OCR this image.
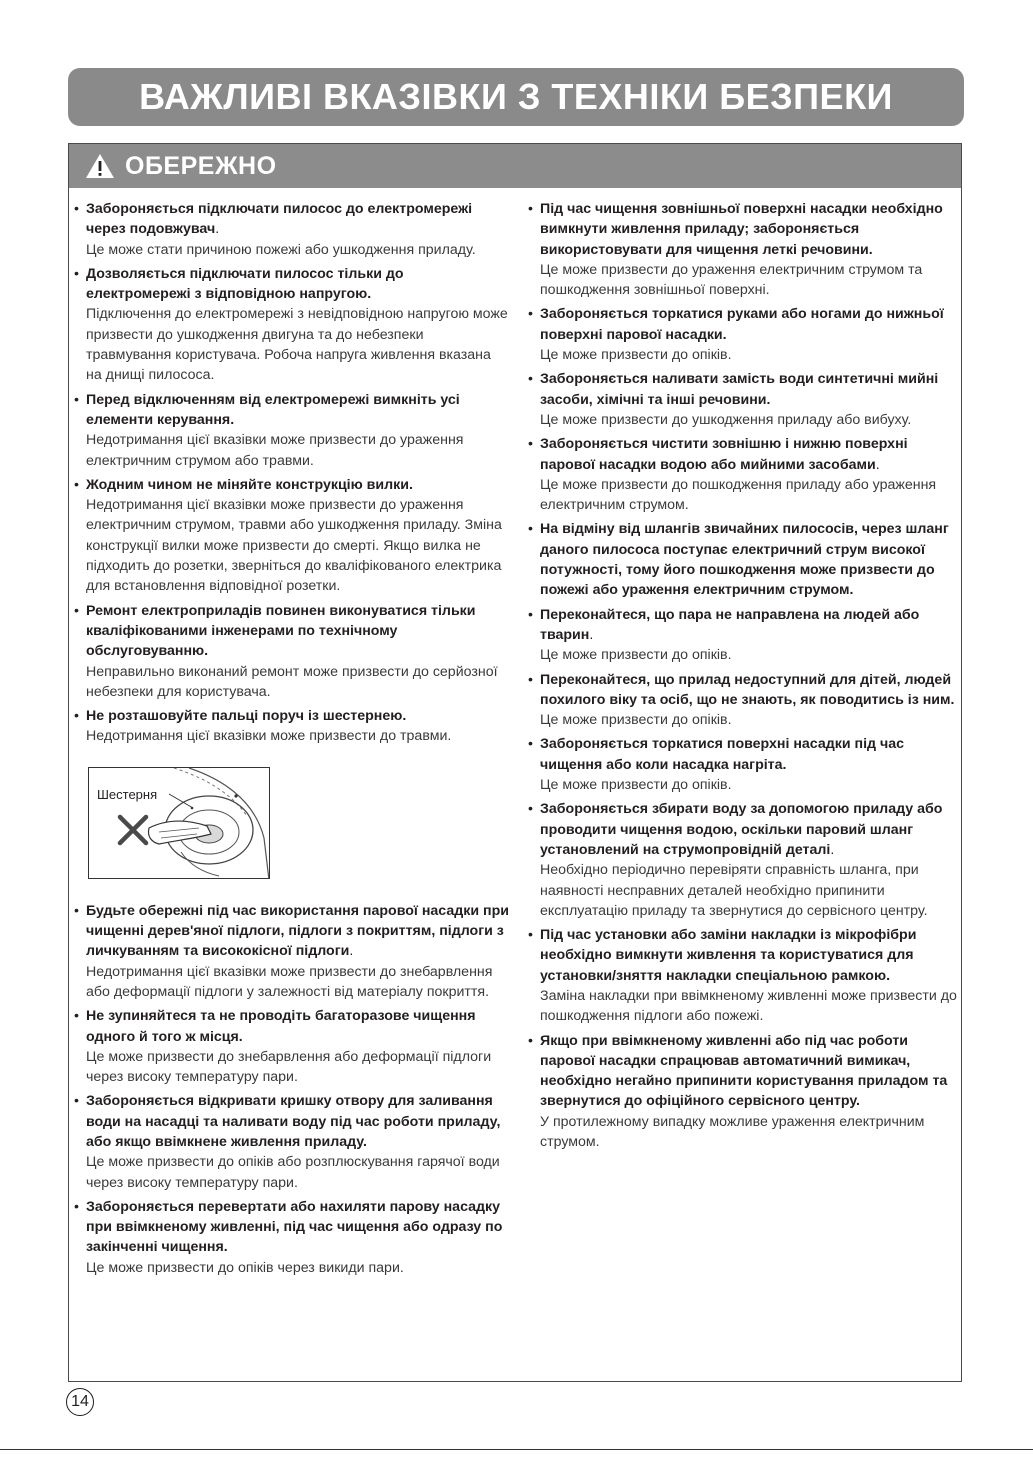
ВАЖЛИВІ ВКАЗІВКИ З ТЕХНІКИ БЕЗПЕКИ
ОБЕРЕЖНО
• Забороняється підключати пилосос до електромережі через подовжувач.
Це може стати причиною пожежі або ушкодження приладу.
• Дозволяється підключати пилосос тільки до електромережі з відповідною напругою.
Підключення до електромережі з невідповідною напругою може призвести до ушкодження двигуна та до небезпеки травмування користувача. Робоча напруга живлення вказана на днищі пилососа.
• Перед відключенням від електромережі вимкніть усі елементи керування.
Недотримання цієї вказівки може призвести до ураження електричним струмом або травми.
• Жодним чином не міняйте конструкцію вилки.
Недотримання цієї вказівки може призвести до ураження електричним струмом, травми або ушкодження приладу. Зміна конструкції вилки може призвести до смерті. Якщо вилка не підходить до розетки, зверніться до кваліфікованого електрика для встановлення відповідної розетки.
• Ремонт електроприладів повинен виконуватися тільки кваліфікованими інженерами по технічному обслуговуванню.
Неправильно виконаний ремонт може призвести до серйозної небезпеки для користувача.
• Не розташовуйте пальці поруч із шестернею.
Недотримання цієї вказівки може призвести до травми.
Шестерня
• Будьте обережні під час використання парової насадки при чищенні дерев'яної підлоги, підлоги з покриттям, підлоги з личкуванням та висококісної підлоги.
Недотримання цієї вказівки може призвести до знебарвлення або деформації підлоги у залежності від матеріалу покриття.
• Не зупиняйтеся та не проводіть багаторазове чищення одного й того ж місця.
Це може призвести до знебарвлення або деформації підлоги через високу температуру пари.
• Забороняється відкривати кришку отвору для заливання води на насадці та наливати воду під час роботи приладу, або якщо ввімкнене живлення приладу.
Це може призвести до опіків або розплюскування гарячої води через високу температуру пари.
• Забороняється перевертати або нахиляти парову насадку при ввімкненому живленні, під час чищення або одразу по закінченні чищення.
Це може призвести до опіків через викиди пари.
• Під час чищення зовнішньої поверхні насадки необхідно вимкнути живлення приладу; забороняється використовувати для чищення леткі речовини.
Це може призвести до ураження електричним струмом та пошкодження зовнішньої поверхні.
• Забороняється торкатися руками або ногами до нижньої поверхні парової насадки.
Це може призвести до опіків.
• Забороняється наливати замість води синтетичні мийні засоби, хімічні та інші речовини.
Це може призвести до ушкодження приладу або вибуху.
• Забороняється чистити зовнішню і нижню поверхні парової насадки водою або мийними засобами.
Це може призвести до пошкодження приладу або ураження електричним струмом.
• На відміну від шлангів звичайних пилососів, через шланг даного пилососа поступає електричний струм високої потужності, тому його пошкодження може призвести до пожежі або ураження електричним струмом.
• Переконайтеся, що пара не направлена на людей або тварин.
Це може призвести до опіків.
• Переконайтеся, що прилад недоступний для дітей, людей похилого віку та осіб, що не знають, як поводитись із ним.
Це може призвести до опіків.
• Забороняється торкатися поверхні насадки під час чищення або коли насадка нагріта.
Це може призвести до опіків.
• Забороняється збирати воду за допомогою приладу або проводити чищення водою, оскільки паровий шланг установлений на струмопровідній деталі.
Необхідно періодично перевіряти справність шланга, при наявності несправних деталей необхідно припинити експлуатацію приладу та звернутися до сервісного центру.
• Під час установки або заміни накладки із мікрофібри необхідно вимкнути живлення та користуватися для установки/зняття накладки спеціальною рамкою.
Заміна накладки при ввімкненому живленні може призвести до пошкодження підлоги або пожежі.
• Якщо при ввімкненому живленні або під час роботи парової насадки спрацював автоматичний вимикач, необхідно негайно припинити користування приладом та звернутися до офіційного сервісного центру.
У протилежному випадку можливе ураження електричним струмом.
14
